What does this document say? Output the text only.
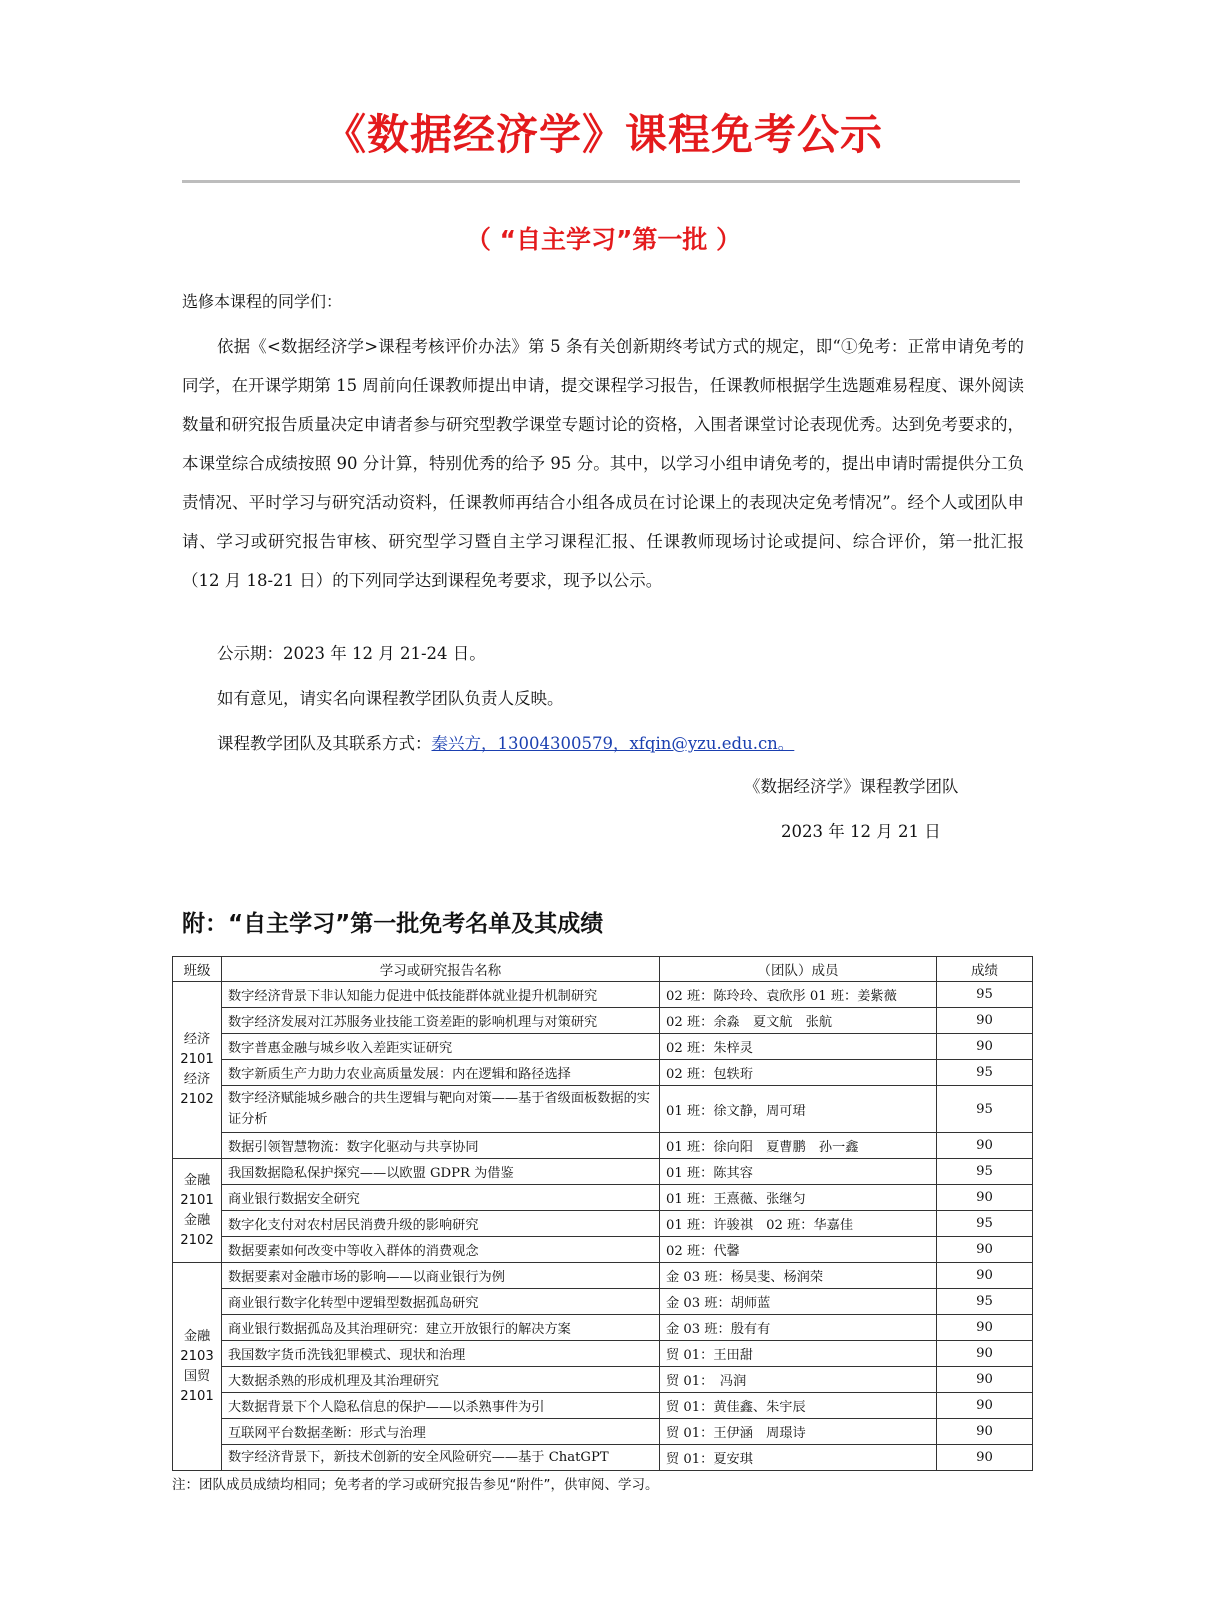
《数据经济学》课程免考公示
（ “自主学习”第一批 ）
选修本课程的同学们：

依据《<数据经济学>课程考核评价办法》第 5 条有关创新期终考试方式的规定，即“①免考：正常申请免考的同学，在开课学期第 15 周前向任课教师提出申请，提交课程学习报告，任课教师根据学生选题难易程度、课外阅读数量和研究报告质量决定申请者参与研究型教学课堂专题讨论的资格，入围者课堂讨论表现优秀。达到免考要求的，本课堂综合成绩按照 90 分计算，特别优秀的给予 95 分。其中，以学习小组申请免考的，提出申请时需提供分工负责情况、平时学习与研究活动资料，任课教师再结合小组各成员在讨论课上的表现决定免考情况”。经个人或团队申请、学习或研究报告审核、研究型学习暨自主学习课程汇报、任课教师现场讨论或提问、综合评价，第一批汇报（12 月 18-21 日）的下列同学达到课程免考要求，现予以公示。

公示期：2023 年 12 月 21-24 日。
如有意见，请实名向课程教学团队负责人反映。
课程教学团队及其联系方式：秦兴方，13004300579，xfqin@yzu.edu.cn。
《数据经济学》课程教学团队
2023 年 12 月 21 日
附：“自主学习”第一批免考名单及其成绩
班级	学习或研究报告名称	（团队）成员	成绩

经济
2101
经济
2102	数字经济背景下非认知能力促进中低技能群体就业提升机制研究	02 班：陈玲玲、袁欣彤 01 班：姜紫薇	95
	数字经济发展对江苏服务业技能工资差距的影响机理与对策研究	02 班：余淼　夏文航　张航	90
	数字普惠金融与城乡收入差距实证研究	02 班：朱梓灵	90
	数字新质生产力助力农业高质量发展：内在逻辑和路径选择	02 班：包轶珩	95
	数字经济赋能城乡融合的共生逻辑与靶向对策——基于省级面板数据的实证分析	01 班：徐文静，周可珺	95
	数据引领智慧物流：数字化驱动与共享协同	01 班：徐向阳　夏曹鹏　孙一鑫	90

金融
2101
金融
2102	我国数据隐私保护探究——以欧盟 GDPR 为借鉴	01 班：陈其容	95
	商业银行数据安全研究	01 班：王熹薇、张继匀	90
	数字化支付对农村居民消费升级的影响研究	01 班：许骏祺　02 班：华嘉佳	95
	数据要素如何改变中等收入群体的消费观念	02 班：代馨	90

金融
2103
国贸
2101	数据要素对金融市场的影响——以商业银行为例	金 03 班：杨昊斐、杨润荣	90
	商业银行数字化转型中逻辑型数据孤岛研究	金 03 班：胡师蓝	95
	商业银行数据孤岛及其治理研究：建立开放银行的解决方案	金 03 班：殷有有	90
	我国数字货币洗钱犯罪模式、现状和治理	贸 01：王田甜	90
	大数据杀熟的形成机理及其治理研究	贸 01：　冯润	90
	大数据背景下个人隐私信息的保护——以杀熟事件为引	贸 01：黄佳鑫、朱宇辰	90
	互联网平台数据垄断：形式与治理	贸 01：王伊涵　周璟诗	90
	数字经济背景下，新技术创新的安全风险研究——基于 ChatGPT	贸 01：夏安琪	90
注：团队成员成绩均相同；免考者的学习或研究报告参见“附件”，供审阅、学习。
